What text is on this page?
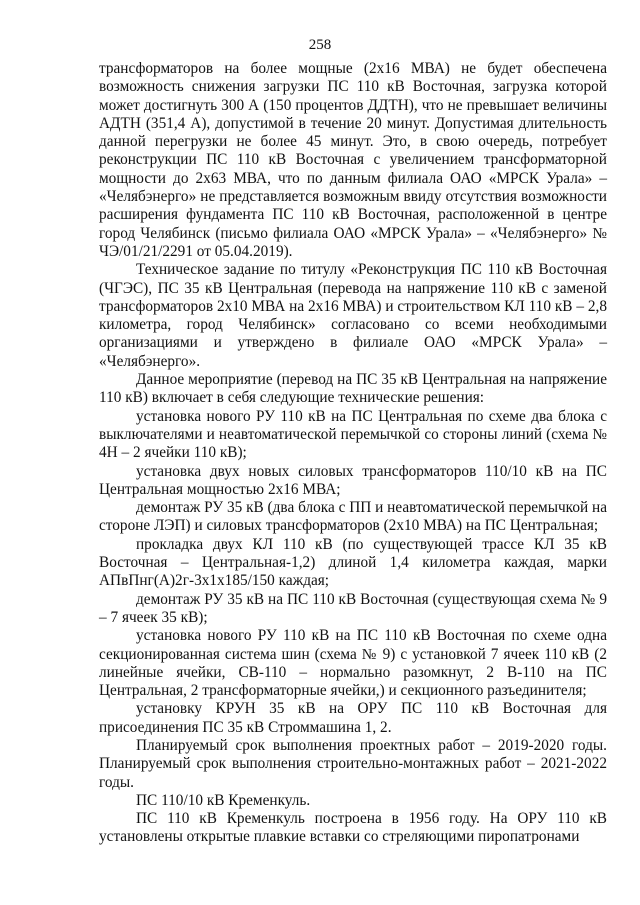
258

трансформаторов на более мощные (2х16 МВА) не будет обеспечена возможность снижения загрузки ПС 110 кВ Восточная, загрузка которой может достигнуть 300 А (150 процентов ДДТН), что не превышает величины АДТН (351,4 А), допустимой в течение 20 минут. Допустимая длительность данной перегрузки не более 45 минут. Это, в свою очередь, потребует реконструкции ПС 110 кВ Восточная с увеличением трансформаторной мощности до 2х63 МВА, что по данным филиала ОАО «МРСК Урала» – «Челябэнерго» не представляется возможным ввиду отсутствия возможности расширения фундамента ПС 110 кВ Восточная, расположенной в центре город Челябинск (письмо филиала ОАО «МРСК Урала» – «Челябэнерго» № ЧЭ/01/21/2291 от 05.04.2019).

Техническое задание по титулу «Реконструкция ПС 110 кВ Восточная (ЧГЭС), ПС 35 кВ Центральная (перевода на напряжение 110 кВ с заменой трансформаторов 2х10 МВА на 2х16 МВА) и строительством КЛ 110 кВ – 2,8 километра, город Челябинск» согласовано со всеми необходимыми организациями и утверждено в филиале ОАО «МРСК Урала» – «Челябэнерго».

Данное мероприятие (перевод на ПС 35 кВ Центральная на напряжение 110 кВ) включает в себя следующие технические решения:

установка нового РУ 110 кВ на ПС Центральная по схеме два блока с выключателями и неавтоматической перемычкой со стороны линий (схема № 4Н – 2 ячейки 110 кВ);

установка двух новых силовых трансформаторов 110/10 кВ на ПС Центральная мощностью 2х16 МВА;

демонтаж РУ 35 кВ (два блока с ПП и неавтоматической перемычкой на стороне ЛЭП) и силовых трансформаторов (2х10 МВА) на ПС Центральная;

прокладка двух КЛ 110 кВ (по существующей трассе КЛ 35 кВ Восточная – Центральная-1,2) длиной 1,4 километра каждая, марки АПвПнг(А)2г-3х1х185/150 каждая;

демонтаж РУ 35 кВ на ПС 110 кВ Восточная (существующая схема № 9 – 7 ячеек 35 кВ);

установка нового РУ 110 кВ на ПС 110 кВ Восточная по схеме одна секционированная система шин (схема № 9) с установкой 7 ячеек 110 кВ (2 линейные ячейки, СВ-110 – нормально разомкнут, 2 В-110 на ПС Центральная, 2 трансформаторные ячейки,) и секционного разъединителя;

установку КРУН 35 кВ на ОРУ ПС 110 кВ Восточная для присоединения ПС 35 кВ Строммашина 1, 2.

Планируемый срок выполнения проектных работ – 2019-2020 годы. Планируемый срок выполнения строительно-монтажных работ – 2021-2022 годы.

ПС 110/10 кВ Кременкуль.

ПС 110 кВ Кременкуль построена в 1956 году. На ОРУ 110 кВ установлены открытые плавкие вставки со стреляющими пиропатронами
